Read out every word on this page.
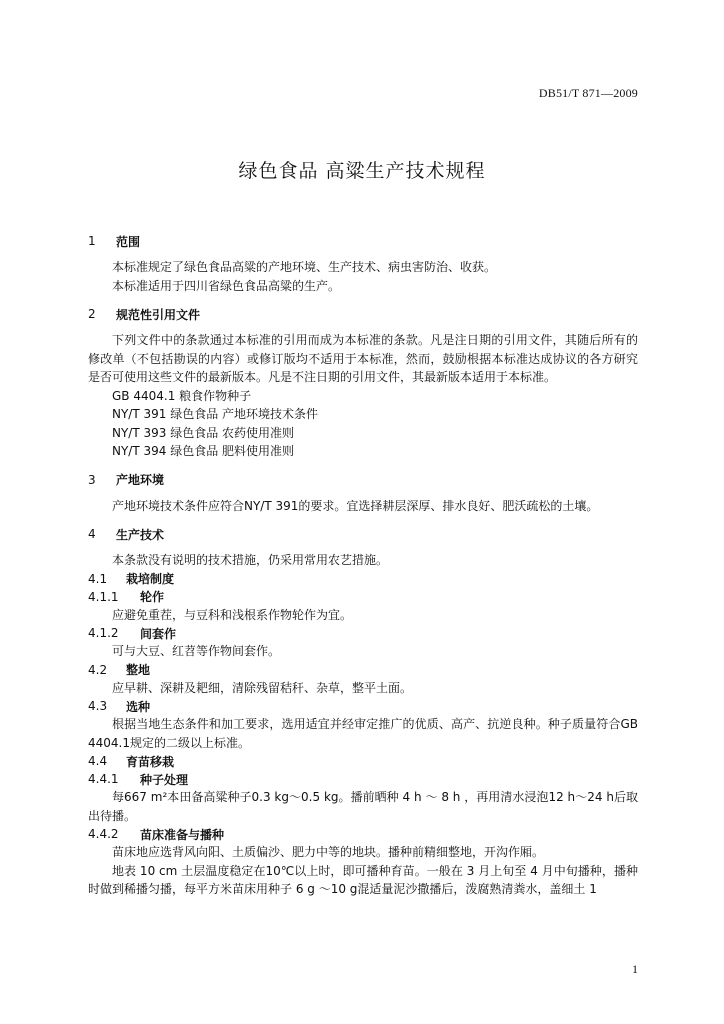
DB51/T 871—2009
绿色食品 高粱生产技术规程
1	范围

本标准规定了绿色食品高粱的产地环境、生产技术、病虫害防治、收获。

本标准适用于四川省绿色食品高粱的生产。

2	规范性引用文件

下列文件中的条款通过本标准的引用而成为本标准的条款。凡是注日期的引用文件，其随后所有的修改单（不包括勘误的内容）或修订版均不适用于本标准，然而，鼓励根据本标准达成协议的各方研究是否可使用这些文件的最新版本。凡是不注日期的引用文件，其最新版本适用于本标准。

GB 4404.1 粮食作物种子
NY/T 391 绿色食品 产地环境技术条件
NY/T 393 绿色食品 农药使用准则
NY/T 394 绿色食品 肥料使用准则
3	产地环境

产地环境技术条件应符合NY/T 391的要求。宜选择耕层深厚、排水良好、肥沃疏松的土壤。

4	生产技术

本条款没有说明的技术措施，仍采用常用农艺措施。

4.1	栽培制度
4.1.1	轮作

应避免重茬，与豆科和浅根系作物轮作为宜。

4.1.2	间套作

可与大豆、红苕等作物间套作。

4.2	整地

应早耕、深耕及耙细，清除残留秸秆、杂草，整平土面。

4.3	选种

根据当地生态条件和加工要求，选用适宜并经审定推广的优质、高产、抗逆良种。种子质量符合GB 4404.1规定的二级以上标准。

4.4	育苗移栽
4.4.1	种子处理

每667 m²本田备高粱种子0.3 kg～0.5 kg。播前晒种 4 h ～ 8 h ，再用清水浸泡12 h～24 h后取出待播。

4.4.2	苗床准备与播种

苗床地应选背风向阳、土质偏沙、肥力中等的地块。播种前精细整地，开沟作厢。

地表 10 cm 土层温度稳定在10℃以上时，即可播种育苗。一般在 3 月上旬至 4 月中旬播种，播种时做到稀播匀播，每平方米苗床用种子 6 g ～10 g混适量泥沙撒播后，泼腐熟清粪水，盖细土 1

1
